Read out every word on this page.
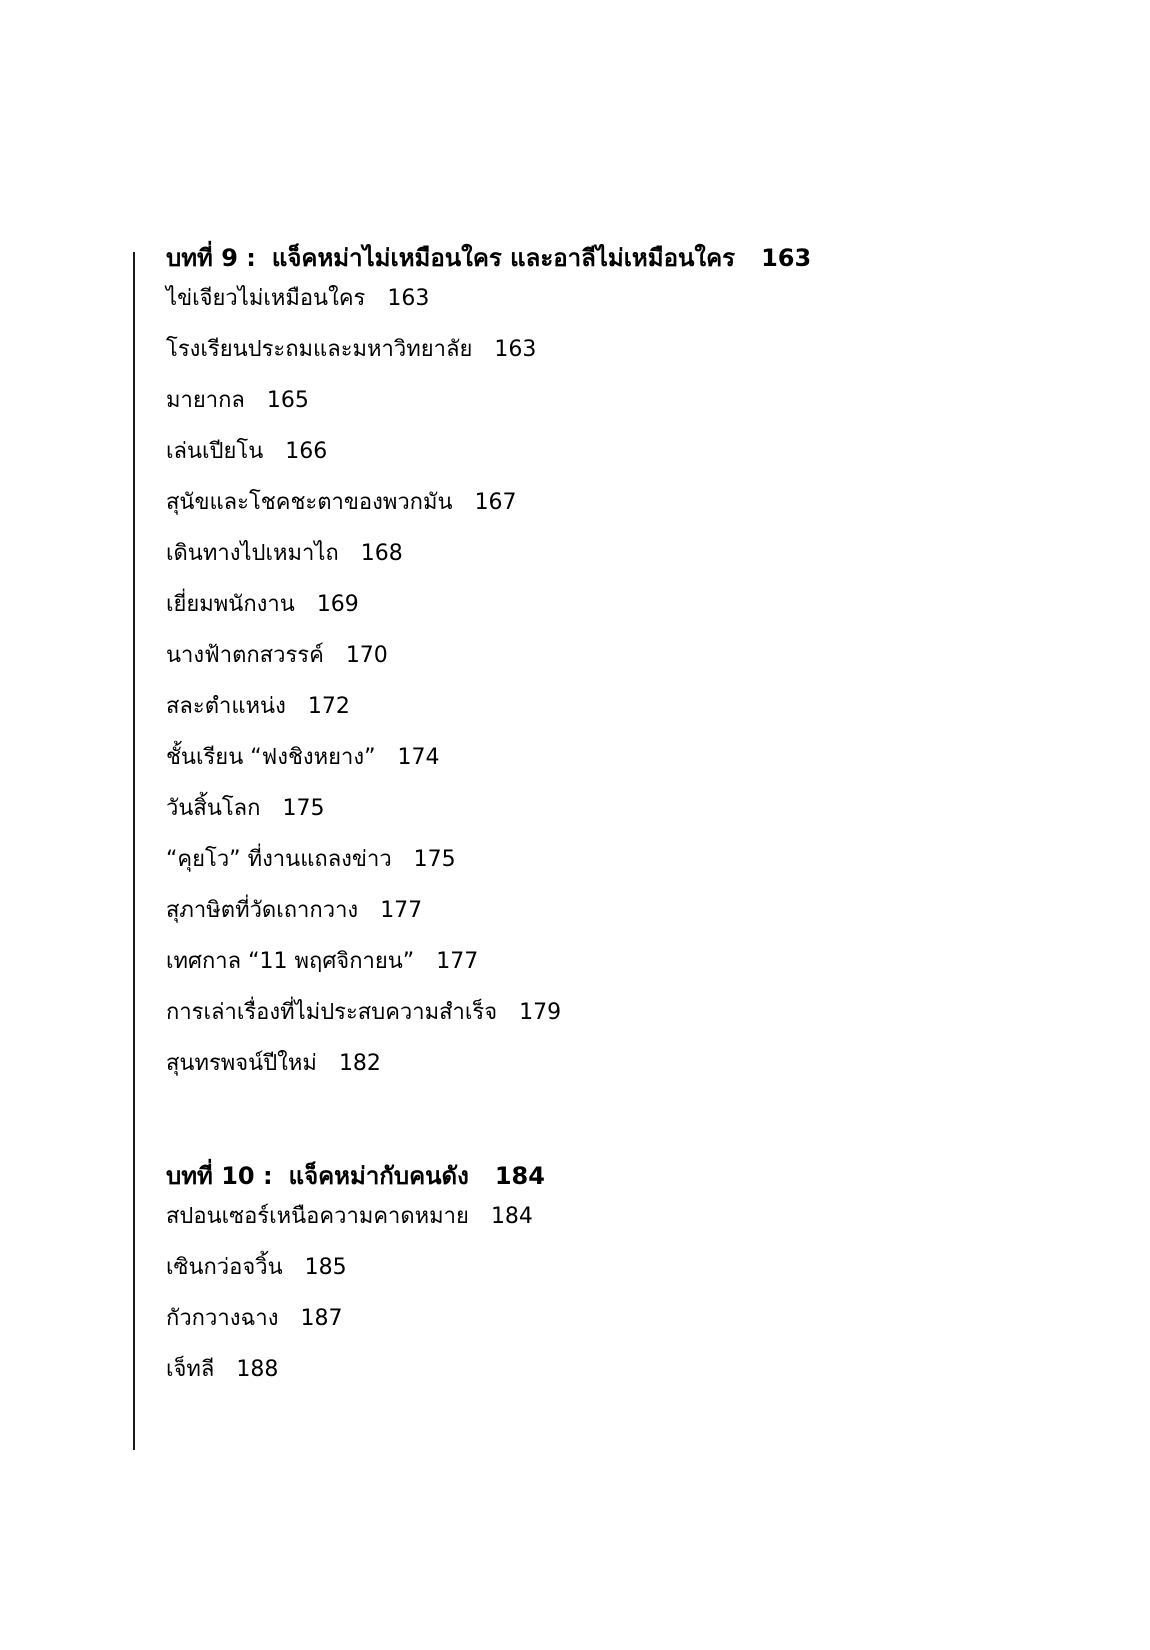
บทที่ 9 : แจ็คหม่าไม่เหมือนใคร และอาลีไม่เหมือนใคร 163
ไข่เจียวไม่เหมือนใคร 163
โรงเรียนประถมและมหาวิทยาลัย 163
มายากล 165
เล่นเปียโน 166
สุนัขและโชคชะตาของพวกมัน 167
เดินทางไปเหมาไถ 168
เยี่ยมพนักงาน 169
นางฟ้าตกสวรรค์ 170
สละตำแหน่ง 172
ชั้นเรียน “ฟงชิงหยาง” 174
วันสิ้นโลก 175
“คุยโว” ที่งานแถลงข่าว 175
สุภาษิตที่วัดเถากวาง 177
เทศกาล “11 พฤศจิกายน” 177
การเล่าเรื่องที่ไม่ประสบความสำเร็จ 179
สุนทรพจน์ปีใหม่ 182
บทที่ 10 : แจ็คหม่ากับคนดัง 184
สปอนเซอร์เหนือความคาดหมาย 184
เซินกว่อจวิ้น 185
กัวกวางฉาง 187
เจ็ทลี 188
